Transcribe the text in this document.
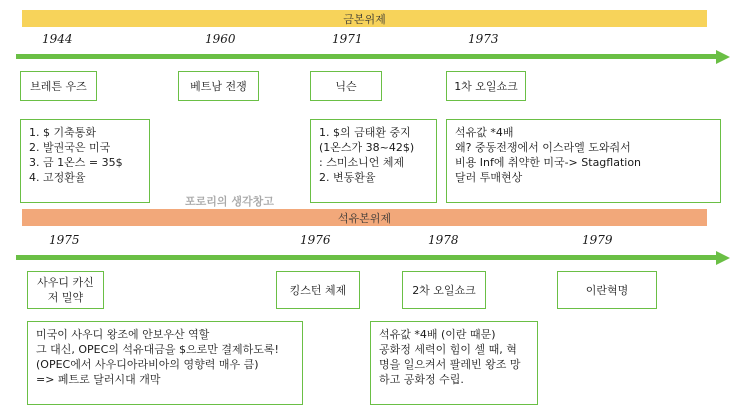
금본위제
1944	1960	1971	1973
브레튼 우즈	베트남 전쟁	닉슨	1차 오일쇼크
1. $ 기축통화
2. 발권국은 미국
3. 금 1온스 = 35$
4. 고정환율
1. $의 금태환 중지
(1온스가 38~42$)
: 스미소니언 체제
2. 변동환율
석유값 *4배
왜? 중동전쟁에서 이스라엘 도와줘서
비용 Inf에 취약한 미국-> Stagflation
달러 투매현상
포로리의 생각창고
석유본위제
1975	1976	1978	1979
사우디 카신
저 밀약
킹스턴 체제	2차 오일쇼크	이란혁명
미국이 사우디 왕조에 안보우산 역할
그 대신, OPEC의 석유대금을 $으로만 결제하도록!
(OPEC에서 사우디아라비아의 영향력 매우 큼)
=> 페트로 달러시대 개막
석유값 *4배 (이란 때문)
공화정 세력이 힘이 셀 때, 혁
명을 일으켜서 팔레빈 왕조 망
하고 공화정 수립.
